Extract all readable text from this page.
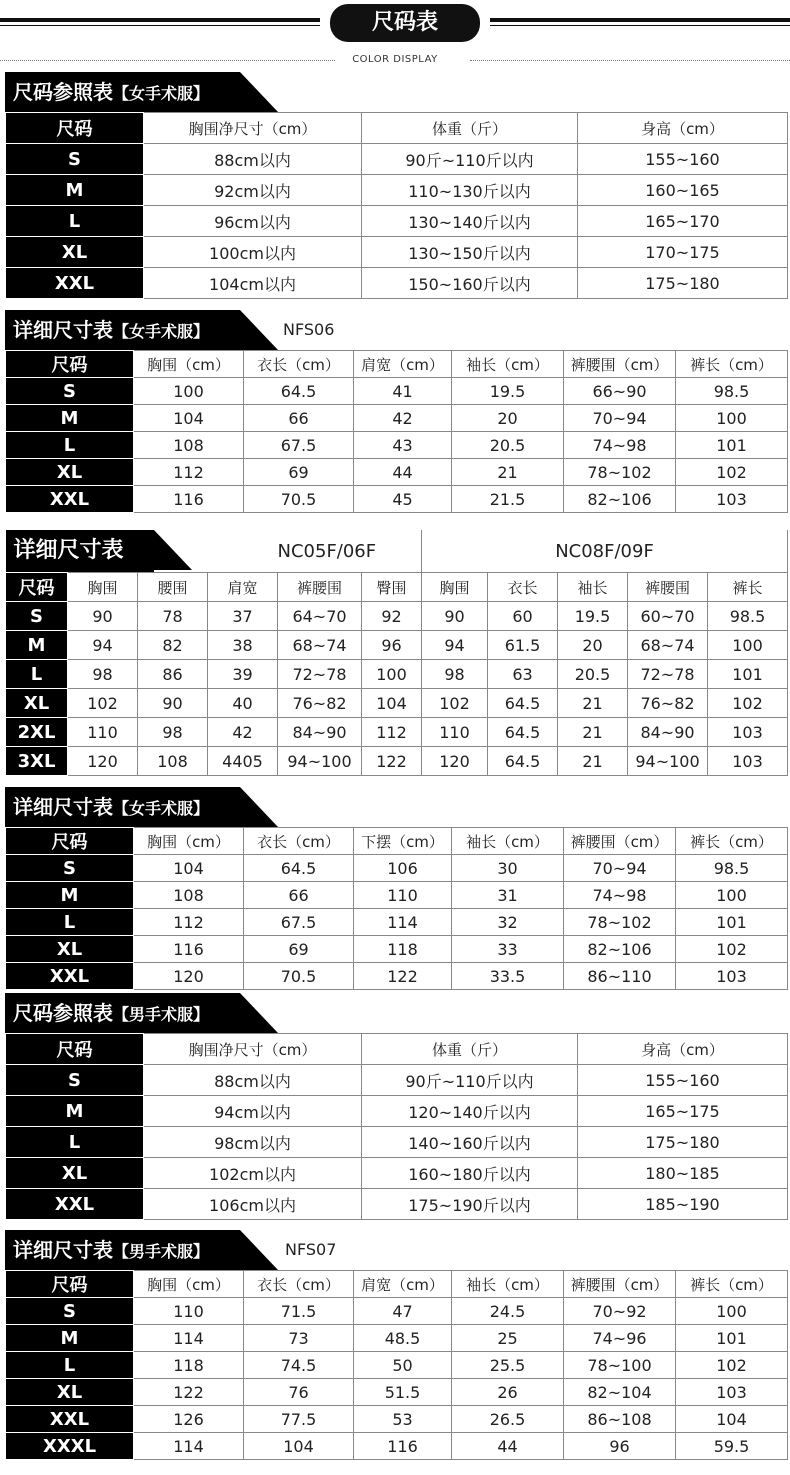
尺码表
COLOR DISPLAY
尺码参照表【女手术服】
尺码	胸围净尺寸（cm）	体重（斤）	身高（cm）
S	88cm以内	90斤~110斤以内	155~160
M	92cm以内	110~130斤以内	160~165
L	96cm以内	130~140斤以内	165~170
XL	100cm以内	130~150斤以内	170~175
XXL	104cm以内	150~160斤以内	175~180
详细尺寸表【女手术服】	NFS06
尺码	胸围（cm）	衣长（cm）	肩宽（cm）	袖长（cm）	裤腰围（cm）	裤长（cm）
S	100	64.5	41	19.5	66~90	98.5
M	104	66	42	20	70~94	100
L	108	67.5	43	20.5	74~98	101
XL	112	69	44	21	78~102	102
XXL	116	70.5	45	21.5	82~106	103
详细尺寸表				NC05F/06F		NC08F/09F				
尺码	胸围	腰围	肩宽	裤腰围	臀围	胸围	衣长	袖长	裤腰围	裤长
S	90	78	37	64~70	92	90	60	19.5	60~70	98.5
M	94	82	38	68~74	96	94	61.5	20	68~74	100
L	98	86	39	72~78	100	98	63	20.5	72~78	101
XL	102	90	40	76~82	104	102	64.5	21	76~82	102
2XL	110	98	42	84~90	112	110	64.5	21	84~90	103
3XL	120	108	4405	94~100	122	120	64.5	21	94~100	103
详细尺寸表【女手术服】
尺码	胸围（cm）	衣长（cm）	下摆（cm）	袖长（cm）	裤腰围（cm）	裤长（cm）
S	104	64.5	106	30	70~94	98.5
M	108	66	110	31	74~98	100
L	112	67.5	114	32	78~102	101
XL	116	69	118	33	82~106	102
XXL	120	70.5	122	33.5	86~110	103
尺码参照表【男手术服】
尺码	胸围净尺寸（cm）	体重（斤）	身高（cm）
S	88cm以内	90斤~110斤以内	155~160
M	94cm以内	120~140斤以内	165~175
L	98cm以内	140~160斤以内	175~180
XL	102cm以内	160~180斤以内	180~185
XXL	106cm以内	175~190斤以内	185~190
详细尺寸表【男手术服】	NFS07
尺码	胸围（cm）	衣长（cm）	肩宽（cm）	袖长（cm）	裤腰围（cm）	裤长（cm）
S	110	71.5	47	24.5	70~92	100
M	114	73	48.5	25	74~96	101
L	118	74.5	50	25.5	78~100	102
XL	122	76	51.5	26	82~104	103
XXL	126	77.5	53	26.5	86~108	104
XXXL	114	104	116	44	96	59.5
